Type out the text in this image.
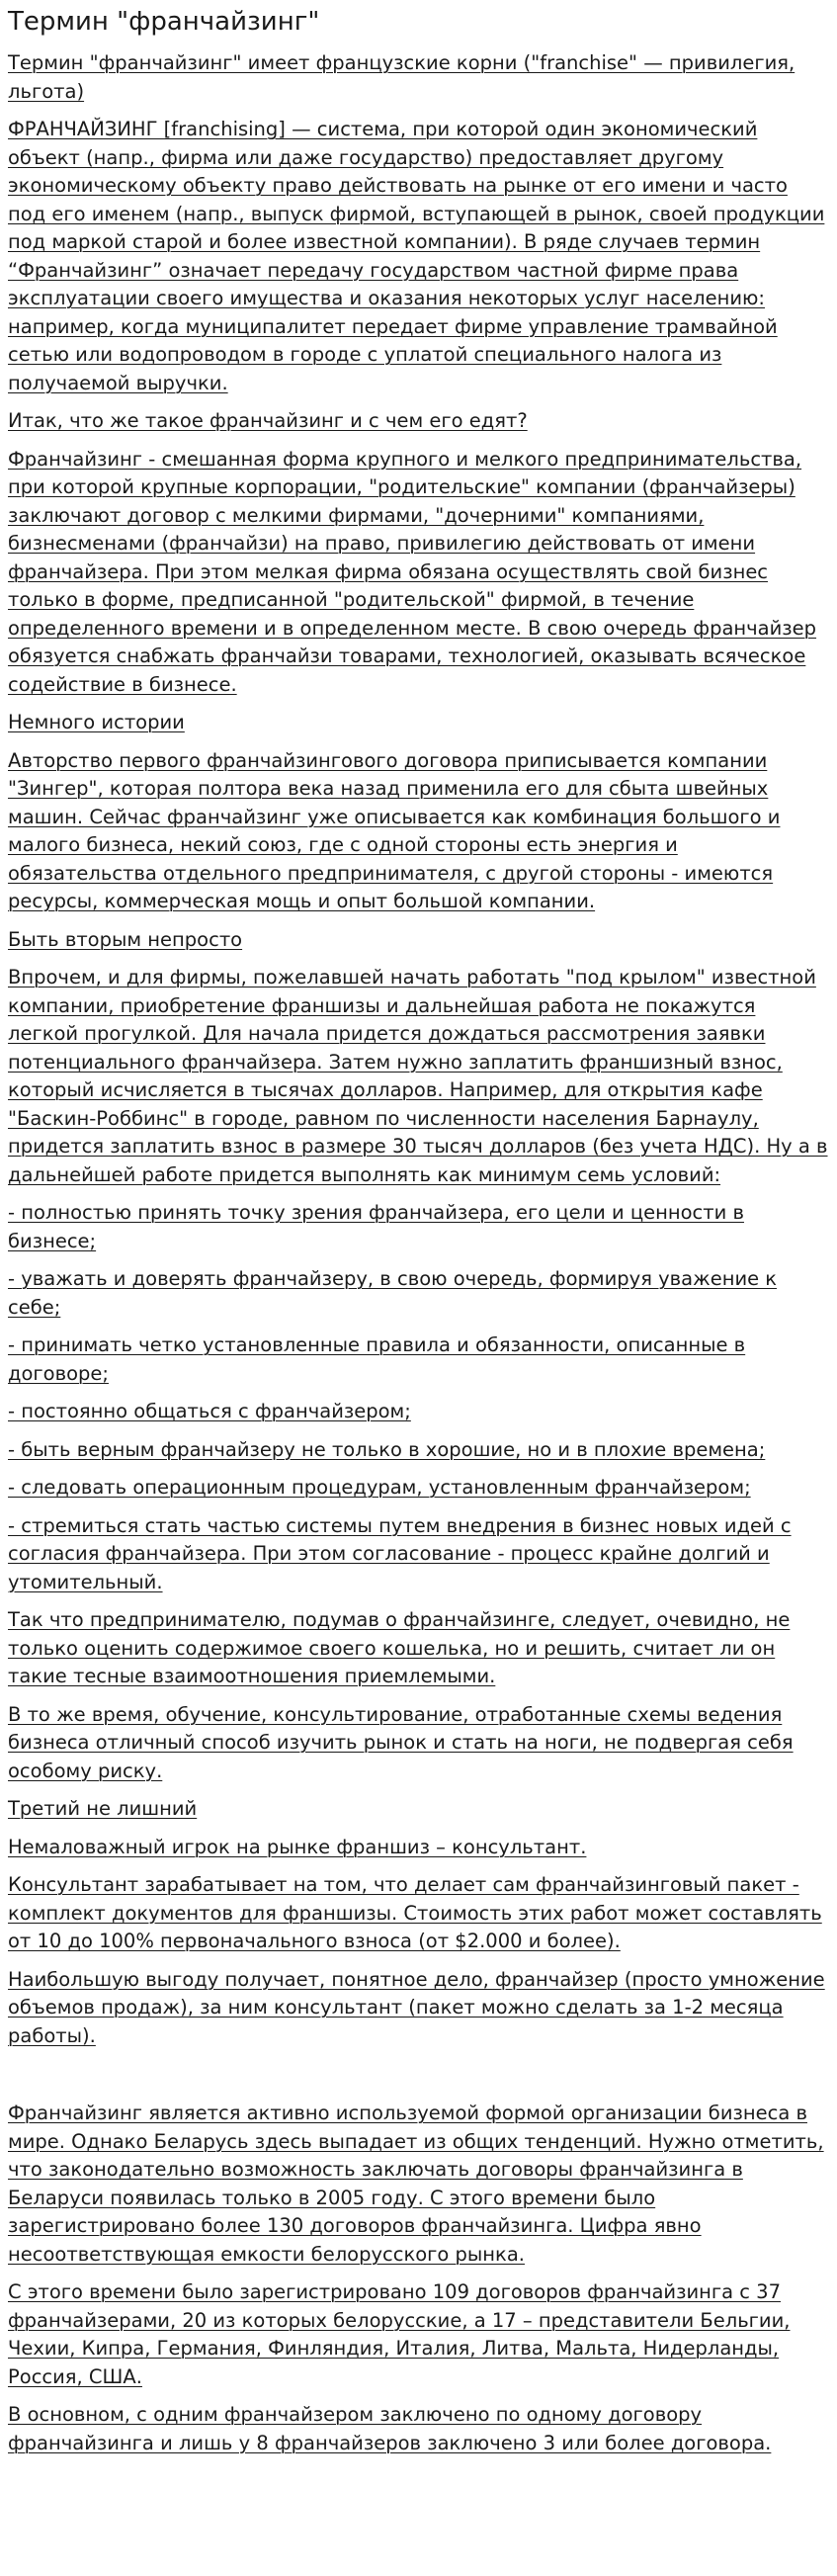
Термин "франчайзинг"

Термин "франчайзинг" имеет французские корни ("franchise" — привилегия, льгота)

ФРАНЧАЙЗИНГ [franchising] — система, при которой один экономический объект (напр., фирма или даже государство) предоставляет другому экономическому объекту право действовать на рынке от его имени и часто под его именем (напр., выпуск фирмой, вступающей в рынок, своей продукции под маркой старой и более известной компании). В ряде случаев термин “Франчайзинг” означает передачу государством частной фирме права эксплуатации своего имущества и оказания некоторых услуг населению: например, когда муниципалитет передает фирме управление трамвайной сетью или водопроводом в городе с уплатой специального налога из получаемой выручки.

Итак, что же такое франчайзинг и с чем его едят?

Франчайзинг - смешанная форма крупного и мелкого предпринимательства, при которой крупные корпорации, "родительские" компании (франчайзеры) заключают договор с мелкими фирмами, "дочерними" компаниями, бизнесменами (франчайзи) на право, привилегию действовать от имени франчайзера. При этом мелкая фирма обязана осуществлять свой бизнес только в форме, предписанной "родительской" фирмой, в течение определенного времени и в определенном месте. В свою очередь франчайзер обязуется снабжать франчайзи товарами, технологией, оказывать всяческое содействие в бизнесе.

Немного истории

Авторство первого франчайзингового договора приписывается компании "Зингер", которая полтора века назад применила его для сбыта швейных машин. Сейчас франчайзинг уже описывается как комбинация большого и малого бизнеса, некий союз, где с одной стороны есть энергия и обязательства отдельного предпринимателя, с другой стороны - имеются ресурсы, коммерческая мощь и опыт большой компании.

Быть вторым непросто

Впрочем, и для фирмы, пожелавшей начать работать "под крылом" известной компании, приобретение франшизы и дальнейшая работа не покажутся легкой прогулкой. Для начала придется дождаться рассмотрения заявки потенциального франчайзера. Затем нужно заплатить франшизный взнос, который исчисляется в тысячах долларов. Например, для открытия кафе "Баскин-Роббинс" в городе, равном по численности населения Барнаулу, придется заплатить взнос в размере 30 тысяч долларов (без учета НДС). Ну а в дальнейшей работе придется выполнять как минимум семь условий:

- полностью принять точку зрения франчайзера, его цели и ценности в бизнесе;

- уважать и доверять франчайзеру, в свою очередь, формируя уважение к себе;

- принимать четко установленные правила и обязанности, описанные в договоре;

- постоянно общаться с франчайзером;

- быть верным франчайзеру не только в хорошие, но и в плохие времена;

- следовать операционным процедурам, установленным франчайзером;

- стремиться стать частью системы путем внедрения в бизнес новых идей с согласия франчайзера. При этом согласование - процесс крайне долгий и утомительный.

Так что предпринимателю, подумав о франчайзинге, следует, очевидно, не только оценить содержимое своего кошелька, но и решить, считает ли он такие тесные взаимоотношения приемлемыми.

В то же время, обучение, консультирование, отработанные схемы ведения бизнеса отличный способ изучить рынок и стать на ноги, не подвергая себя особому риску.

Третий не лишний

Немаловажный игрок на рынке франшиз – консультант.

Консультант зарабатывает на том, что делает сам франчайзинговый пакет - комплект документов для франшизы. Стоимость этих работ может составлять от 10 до 100% первоначального взноса (от $2.000 и более).

Наибольшую выгоду получает, понятное дело, франчайзер (просто умножение объемов продаж), за ним консультант (пакет можно сделать за 1-2 месяца работы).

Франчайзинг является активно используемой формой организации бизнеса в мире. Однако Беларусь здесь выпадает из общих тенденций. Нужно отметить, что законодательно возможность заключать договоры франчайзинга в Беларуси появилась только в 2005 году. С этого времени было зарегистрировано более 130 договоров франчайзинга. Цифра явно несоответствующая емкости белорусского рынка.

С этого времени было зарегистрировано 109 договоров франчайзинга с 37 франчайзерами, 20 из которых белорусские, а 17 – представители Бельгии, Чехии, Кипра, Германия, Финляндия, Италия, Литва, Мальта, Нидерланды, Россия, США.

В основном, с одним франчайзером заключено по одному договору франчайзинга и лишь у 8 франчайзеров заключено 3 или более договора.
